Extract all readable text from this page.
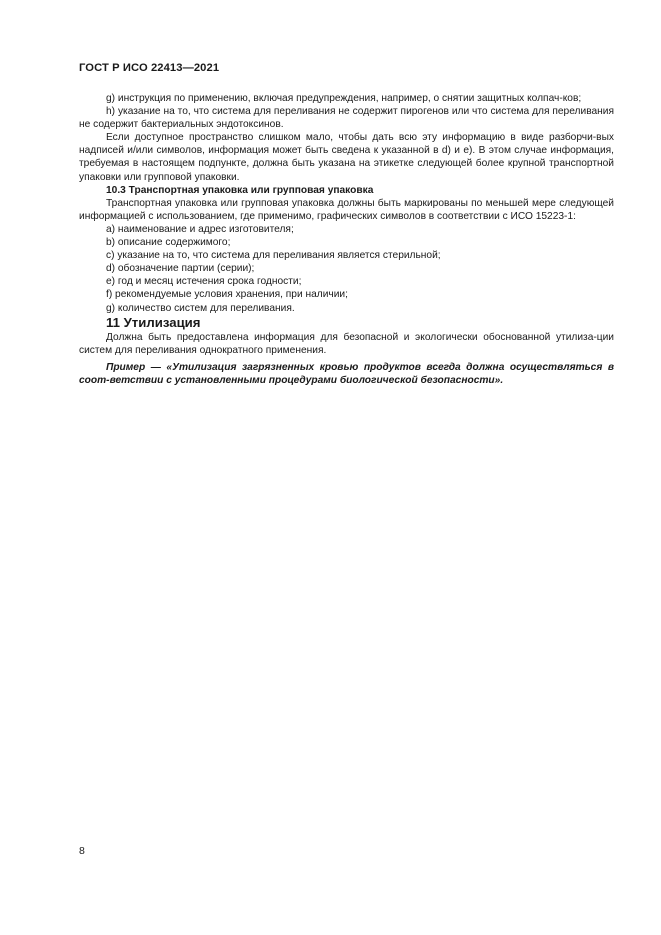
ГОСТ Р ИСО 22413—2021

g) инструкция по применению, включая предупреждения, например, о снятии защитных колпач-ков;

h) указание на то, что система для переливания не содержит пирогенов или что система для переливания не содержит бактериальных эндотоксинов.

Если доступное пространство слишком мало, чтобы дать всю эту информацию в виде разборчи-вых надписей и/или символов, информация может быть сведена к указанной в d) и e). В этом случае информация, требуемая в настоящем подпункте, должна быть указана на этикетке следующей более крупной транспортной упаковки или групповой упаковки.

10.3 Транспортная упаковка или групповая упаковка

Транспортная упаковка или групповая упаковка должны быть маркированы по меньшей мере следующей информацией с использованием, где применимо, графических символов в соответствии с ИСО 15223-1:

a) наименование и адрес изготовителя;
b) описание содержимого;
c) указание на то, что система для переливания является стерильной;
d) обозначение партии (серии);
e) год и месяц истечения срока годности;
f) рекомендуемые условия хранения, при наличии;
g) количество систем для переливания.

11 Утилизация

Должна быть предоставлена информация для безопасной и экологически обоснованной утилиза-ции систем для переливания однократного применения.

Пример — «Утилизация загрязненных кровью продуктов всегда должна осуществляться в соот-ветствии с установленными процедурами биологической безопасности».

8
